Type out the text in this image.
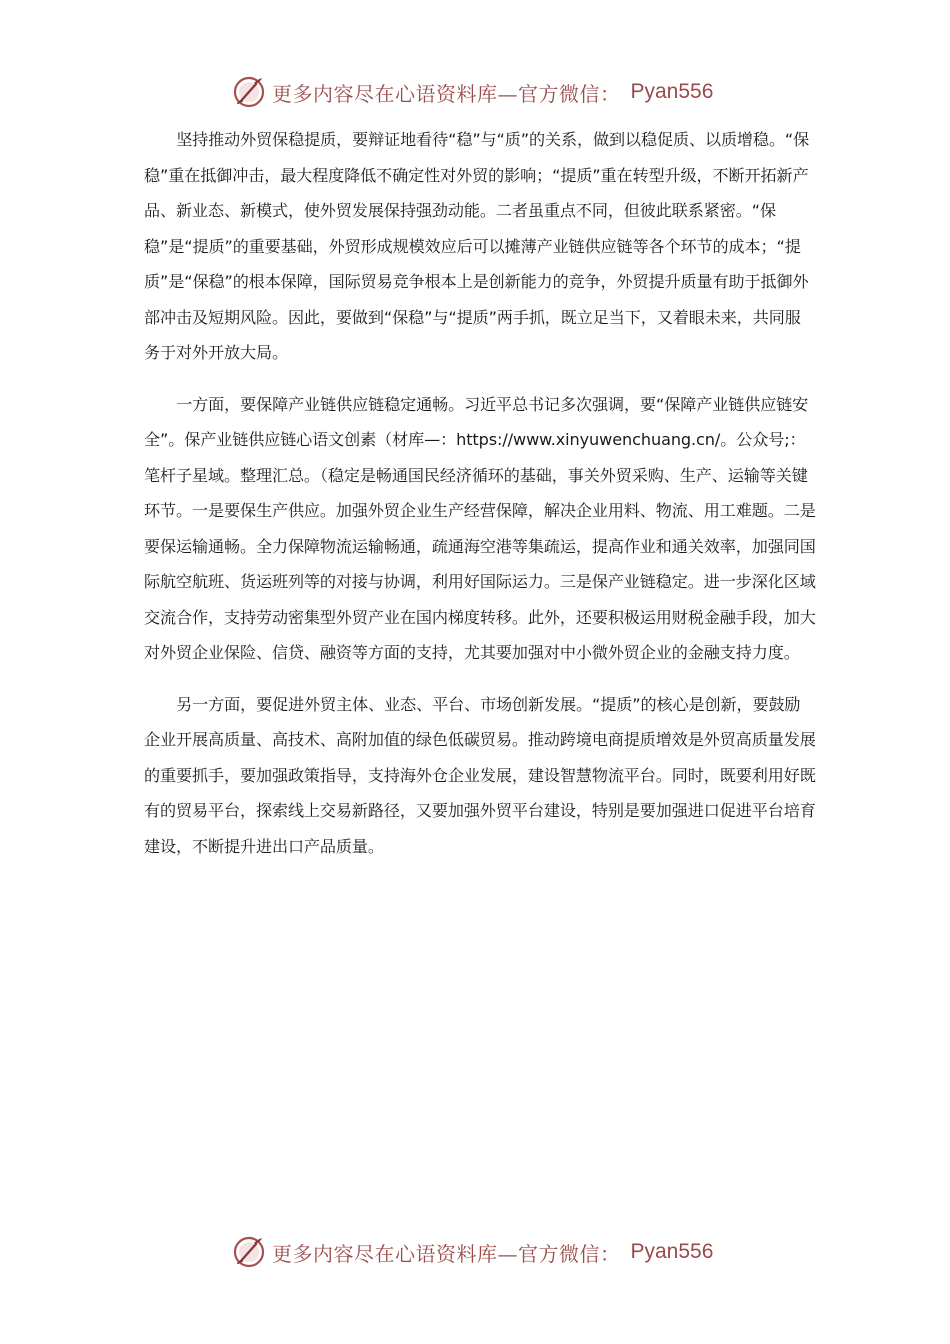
更多内容尽在心语资料库—官方微信： Pyan556

坚持推动外贸保稳提质，要辩证地看待“稳”与“质”的关系，做到以稳促质、以质增稳。“保稳”重在抵御冲击，最大程度降低不确定性对外贸的影响；“提质”重在转型升级，不断开拓新产品、新业态、新模式，使外贸发展保持强劲动能。二者虽重点不同，但彼此联系紧密。“保稳”是“提质”的重要基础，外贸形成规模效应后可以摊薄产业链供应链等各个环节的成本；“提质”是“保稳”的根本保障，国际贸易竞争根本上是创新能力的竞争，外贸提升质量有助于抵御外部冲击及短期风险。因此，要做到“保稳”与“提质”两手抓，既立足当下，又着眼未来，共同服务于对外开放大局。

一方面，要保障产业链供应链稳定通畅。习近平总书记多次强调，要“保障产业链供应链安全”。保产业链供应链心语文创素（材库—：https://www.xinyuwenchuang.cn/。公众号;：笔杆子星域。整理汇总。（稳定是畅通国民经济循环的基础，事关外贸采购、生产、运输等关键环节。一是要保生产供应。加强外贸企业生产经营保障，解决企业用料、物流、用工难题。二是要保运输通畅。全力保障物流运输畅通，疏通海空港等集疏运，提高作业和通关效率，加强同国际航空航班、货运班列等的对接与协调，利用好国际运力。三是保产业链稳定。进一步深化区域交流合作，支持劳动密集型外贸产业在国内梯度转移。此外，还要积极运用财税金融手段，加大对外贸企业保险、信贷、融资等方面的支持，尤其要加强对中小微外贸企业的金融支持力度。

另一方面，要促进外贸主体、业态、平台、市场创新发展。“提质”的核心是创新，要鼓励企业开展高质量、高技术、高附加值的绿色低碳贸易。推动跨境电商提质增效是外贸高质量发展的重要抓手，要加强政策指导，支持海外仓企业发展，建设智慧物流平台。同时，既要利用好既有的贸易平台，探索线上交易新路径，又要加强外贸平台建设，特别是要加强进口促进平台培育建设，不断提升进出口产品质量。

更多内容尽在心语资料库—官方微信： Pyan556
